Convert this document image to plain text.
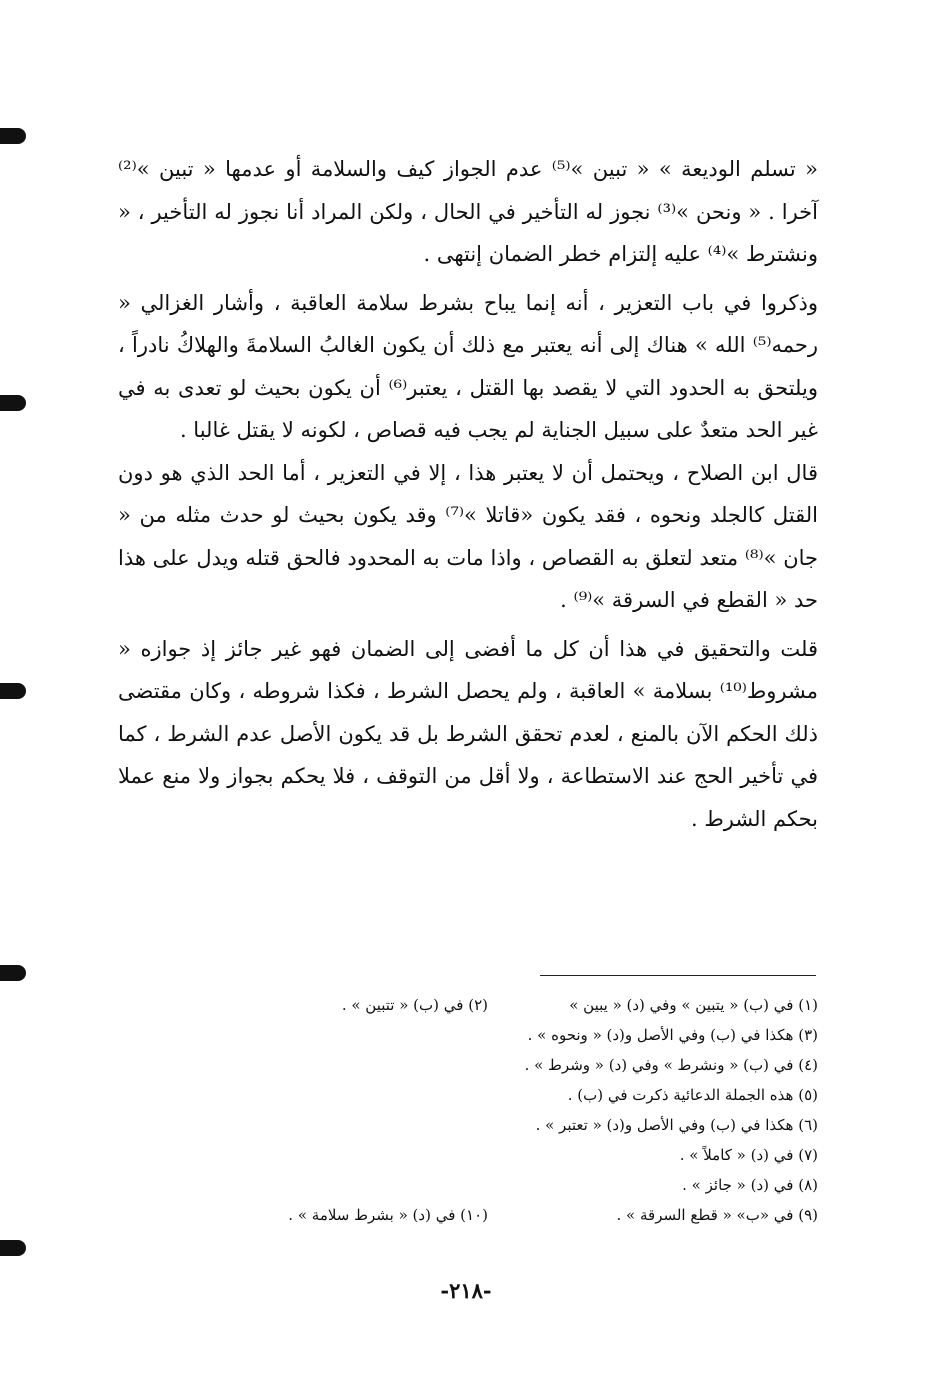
« تسلم الوديعة » « تبين »⁽⁵⁾ عدم الجواز كيف والسلامة أو عدمها « تبين »⁽²⁾ آخرا . « ونحن »⁽³⁾ نجوز له التأخير في الحال ، ولكن المراد أنا نجوز له التأخير ، « ونشترط »⁽⁴⁾ عليه إلتزام خطر الضمان إنتهى .

وذكروا في باب التعزير ، أنه إنما يباح بشرط سلامة العاقبة ، وأشار الغزالي « رحمه⁽⁵⁾ الله » هناك إلى أنه يعتبر مع ذلك أن يكون الغالبُ السلامةَ والهلاكُ نادراً ، ويلتحق به الحدود التي لا يقصد بها القتل ، يعتبر⁽⁶⁾ أن يكون بحيث لو تعدى به في غير الحد متعدٌ على سبيل الجناية لم يجب فيه قصاص ، لكونه لا يقتل غالبا .

قال ابن الصلاح ، ويحتمل أن لا يعتبر هذا ، إلا في التعزير ، أما الحد الذي هو دون القتل كالجلد ونحوه ، فقد يكون «قاتلا »⁽⁷⁾ وقد يكون بحيث لو حدث مثله من « جان »⁽⁸⁾ متعد لتعلق به القصاص ، واذا مات به المحدود فالحق قتله ويدل على هذا حد « القطع في السرقة »⁽⁹⁾ .

قلت والتحقيق في هذا أن كل ما أفضى إلى الضمان فهو غير جائز إذ جوازه « مشروط⁽¹⁰⁾ بسلامة » العاقبة ، ولم يحصل الشرط ، فكذا شروطه ، وكان مقتضى ذلك الحكم الآن بالمنع ، لعدم تحقق الشرط بل قد يكون الأصل عدم الشرط ، كما في تأخير الحج عند الاستطاعة ، ولا أقل من التوقف ، فلا يحكم بجواز ولا منع عملا بحكم الشرط .

(١) في (ب) « يتبين » وفي (د) « يبين »
(٢) في (ب) « تتبين » .
(٣) هكذا في (ب) وفي الأصل و(د) « ونحوه » .
(٤) في (ب) « ونشرط » وفي (د) « وشرط » .
(٥) هذه الجملة الدعائية ذكرت في (ب) .
(٦) هكذا في (ب) وفي الأصل و(د) « تعتبر » .
(٧) في (د) « كاملاً » .
(٨) في (د) « جائز » .
(٩) في «ب» « قطع السرقة » .
(١٠) في (د) « بشرط سلامة » .
-٢١٨-
